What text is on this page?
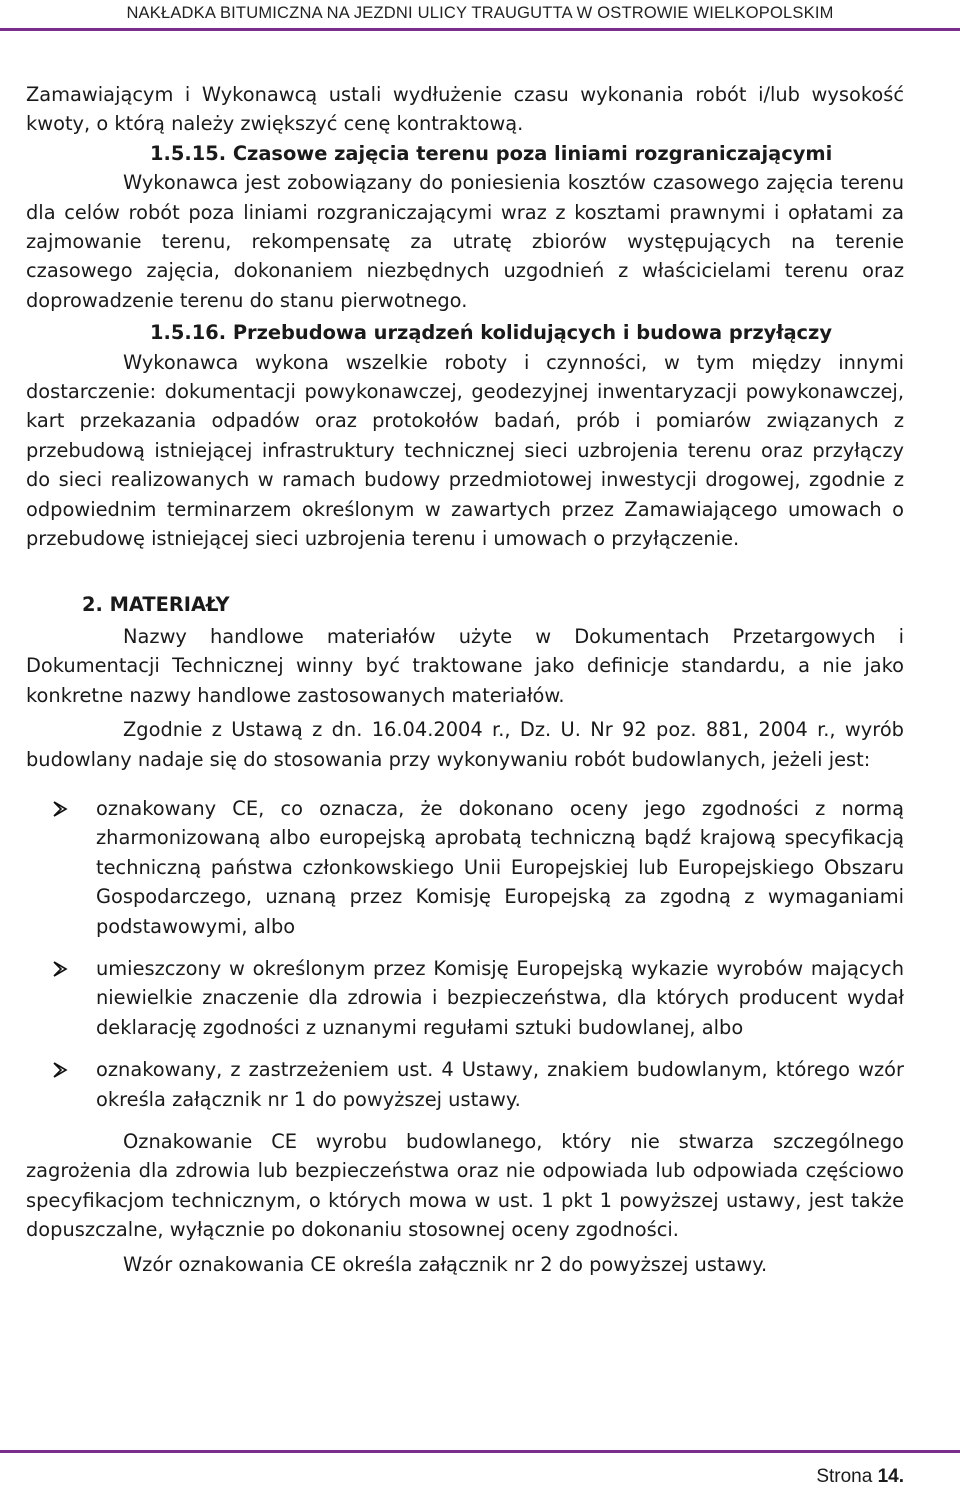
NAKŁADKA BITUMICZNA NA JEZDNI ULICY TRAUGUTTA W OSTROWIE WIELKOPOLSKIM

Zamawiającym i Wykonawcą ustali wydłużenie czasu wykonania robót i/lub wysokość kwoty, o którą należy zwiększyć cenę kontraktową.

1.5.15. Czasowe zajęcia terenu poza liniami rozgraniczającymi

Wykonawca jest zobowiązany do poniesienia kosztów czasowego zajęcia terenu dla celów robót poza liniami rozgraniczającymi wraz z kosztami prawnymi i opłatami za zajmowanie terenu, rekompensatę za utratę zbiorów występujących na terenie czasowego zajęcia, dokonaniem niezbędnych uzgodnień z właścicielami terenu oraz doprowadzenie terenu do stanu pierwotnego.

1.5.16. Przebudowa urządzeń kolidujących i budowa przyłączy

Wykonawca wykona wszelkie roboty i czynności, w tym między innymi dostarczenie: dokumentacji powykonawczej, geodezyjnej inwentaryzacji powykonawczej, kart przekazania odpadów oraz protokołów badań, prób i pomiarów związanych z przebudową istniejącej infrastruktury technicznej sieci uzbrojenia terenu oraz przyłączy do sieci realizowanych w ramach budowy przedmiotowej inwestycji drogowej, zgodnie z odpowiednim terminarzem określonym w zawartych przez Zamawiającego umowach o przebudowę istniejącej sieci uzbrojenia terenu i umowach o przyłączenie.

2. MATERIAŁY

Nazwy handlowe materiałów użyte w Dokumentach Przetargowych i Dokumentacji Technicznej winny być traktowane jako definicje standardu, a nie jako konkretne nazwy handlowe zastosowanych materiałów.

Zgodnie z Ustawą z dn. 16.04.2004 r., Dz. U. Nr 92 poz. 881, 2004 r., wyrób budowlany nadaje się do stosowania przy wykonywaniu robót budowlanych, jeżeli jest:

oznakowany CE, co oznacza, że dokonano oceny jego zgodności z normą zharmonizowaną albo europejską aprobatą techniczną bądź krajową specyfikacją techniczną państwa członkowskiego Unii Europejskiej lub Europejskiego Obszaru Gospodarczego, uznaną przez Komisję Europejską za zgodną z wymaganiami podstawowymi, albo
umieszczony w określonym przez Komisję Europejską wykazie wyrobów mających niewielkie znaczenie dla zdrowia i bezpieczeństwa, dla których producent wydał deklarację zgodności z uznanymi regułami sztuki budowlanej, albo
oznakowany, z zastrzeżeniem ust. 4 Ustawy, znakiem budowlanym, którego wzór określa załącznik nr 1 do powyższej ustawy.

Oznakowanie CE wyrobu budowlanego, który nie stwarza szczególnego zagrożenia dla zdrowia lub bezpieczeństwa oraz nie odpowiada lub odpowiada częściowo specyfikacjom technicznym, o których mowa w ust. 1 pkt 1 powyższej ustawy, jest także dopuszczalne, wyłącznie po dokonaniu stosownej oceny zgodności.

Wzór oznakowania CE określa załącznik nr 2 do powyższej ustawy.

Strona 14.
